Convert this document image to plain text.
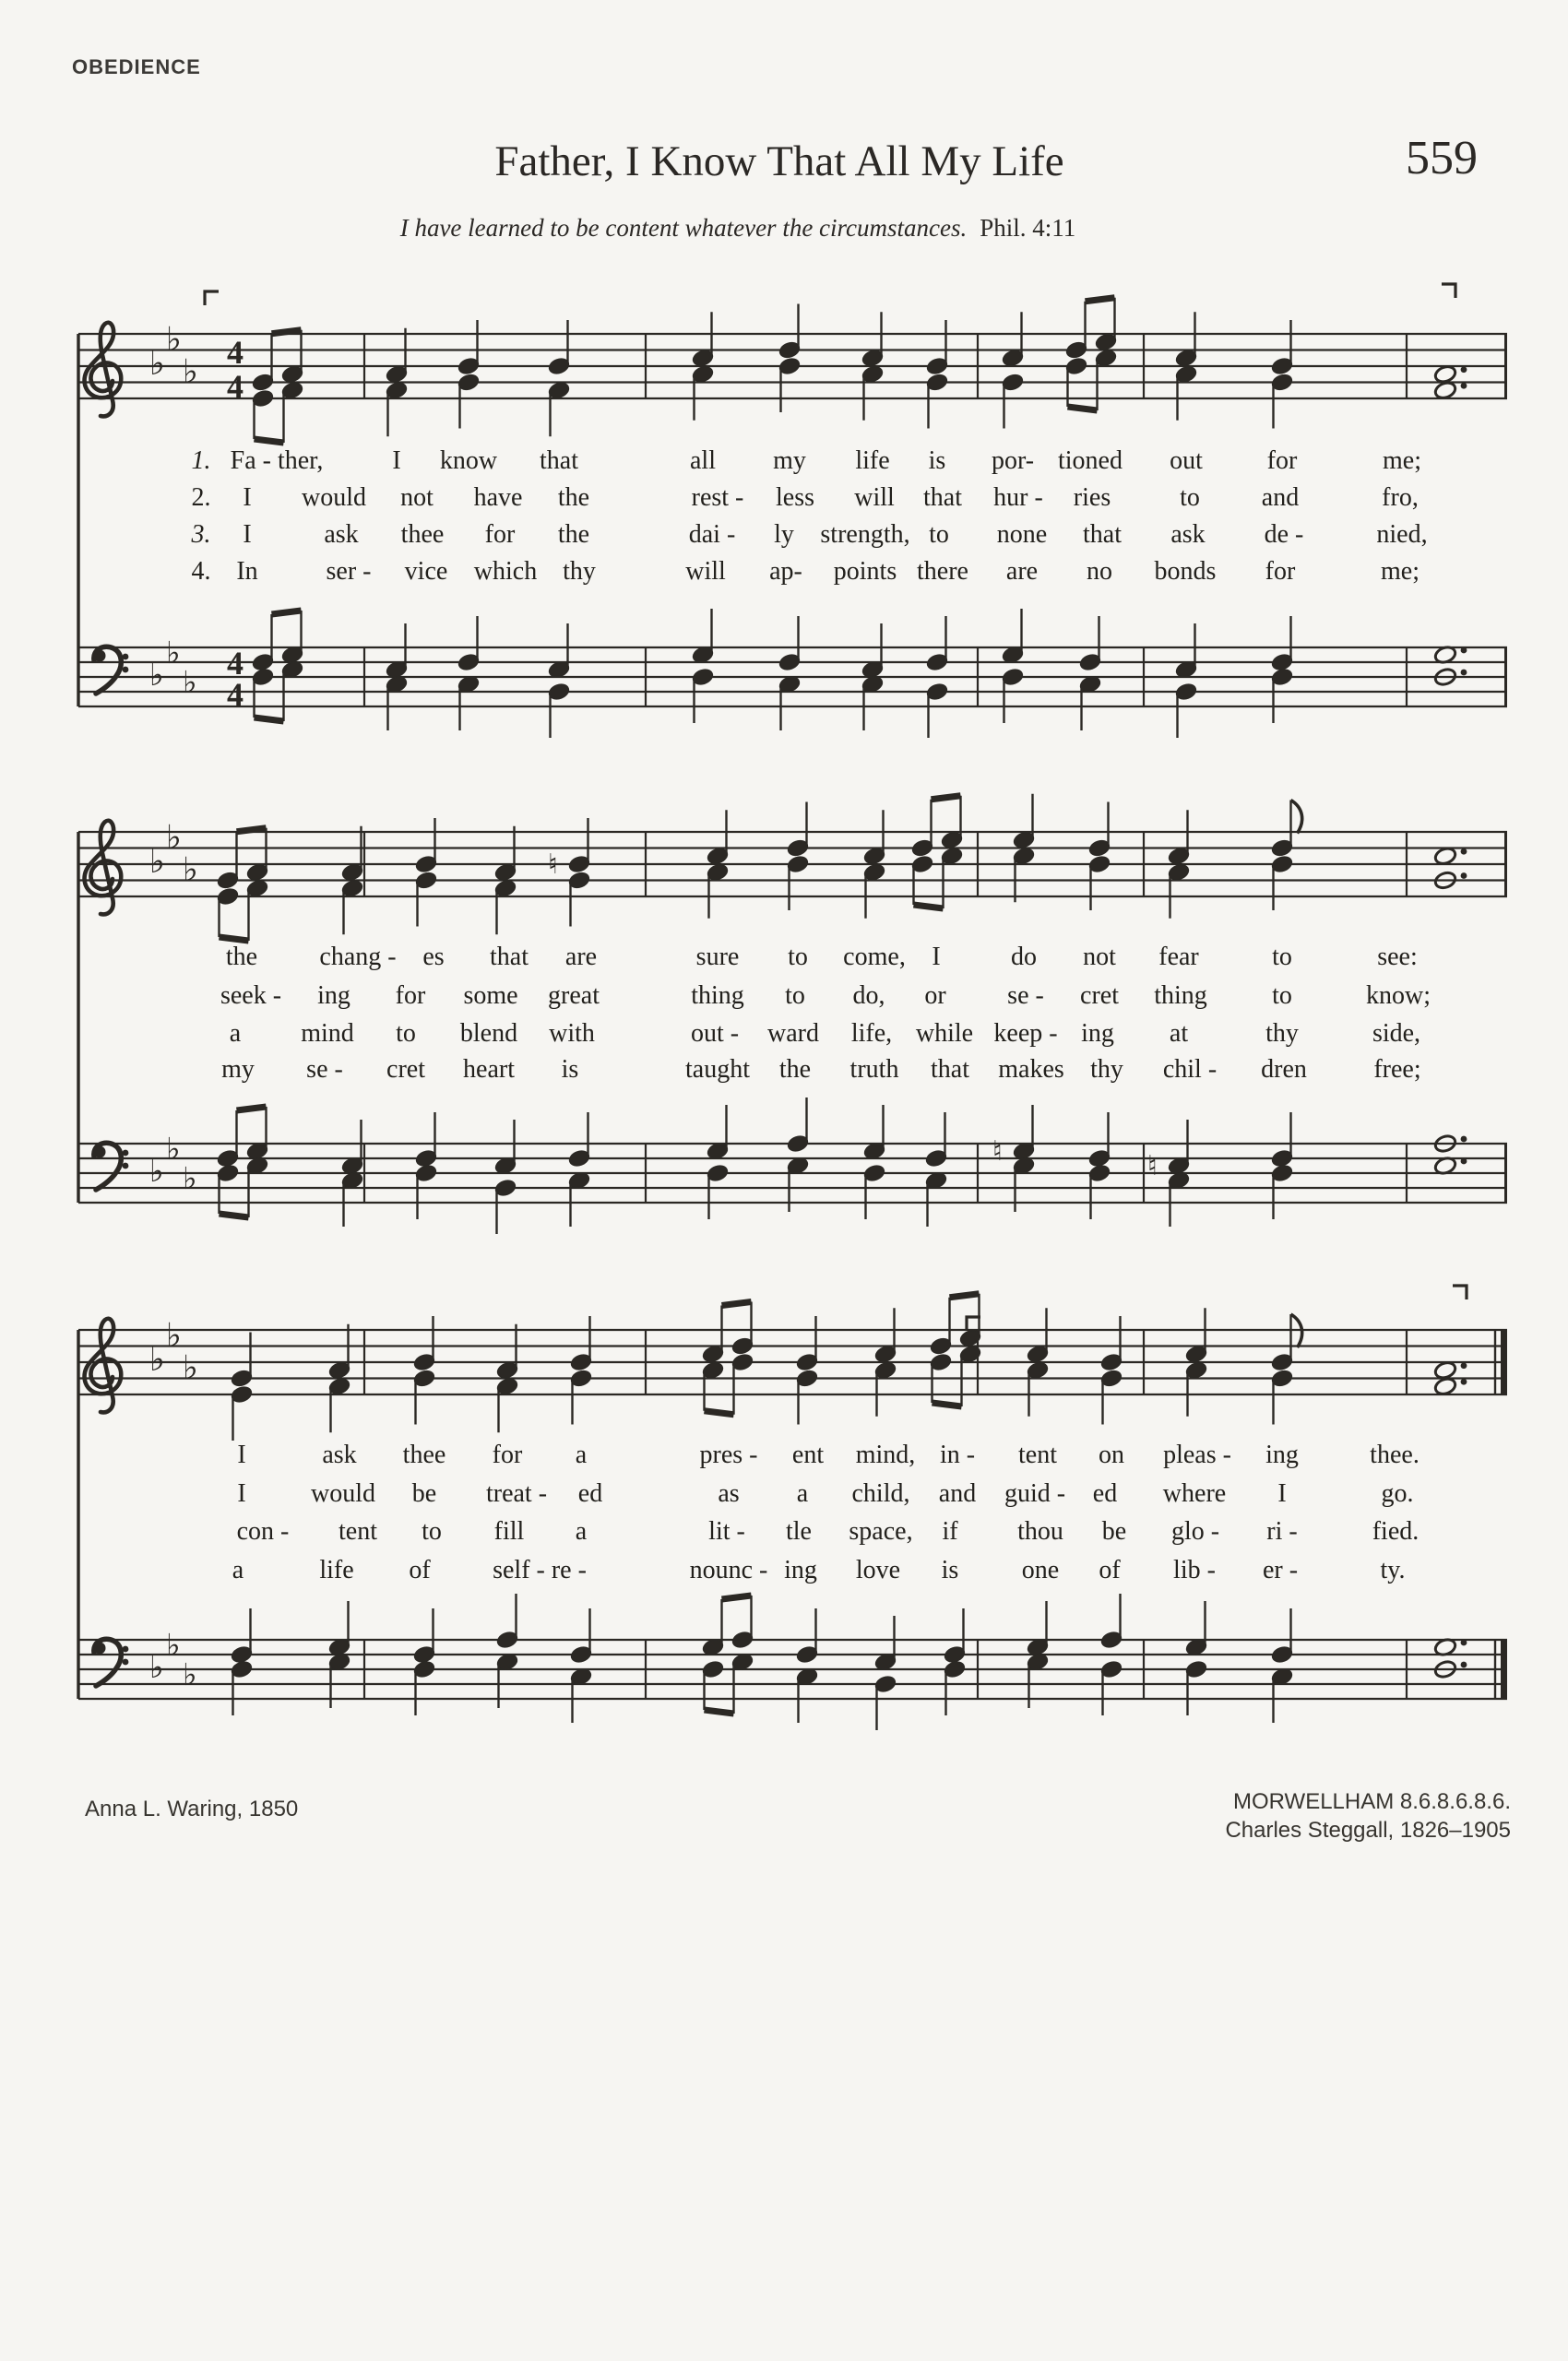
OBEDIENCE
Father, I Know That All My Life	559
I have learned to be content whatever the circumstances. Phil. 4:11
♭
♭
♭
♭
♭
♭
4
4
4
4
♭
♭
♭
♭
♭
♭
♮
♮	♮
♭
♭
♭
♭
♭
♭
1. Fa - ther,	I know that	all my life is por- tioned out for	me;
2. I would not have the	rest - less will that hur - ries	to and	fro,
3. I	ask thee for the	dai - ly strength, to none that ask de -	nied,
4. In	ser - vice which thy	will ap- points there are no bonds for	me;
the chang - es that are	sure to come, I	do not fear	to	see:
seek - ing for some great	thing to do, or se - cret thing	to	know;
a mind to blend with	out - ward life, while keep - ing at	thy	side,
my se - cret heart is	taught the truth that makes thy chil - dren	free;
I	ask thee for a	pres - ent mind, in - tent on pleas - ing	thee.
I	would be treat - ed	as a child, and guid - ed where I	go.
con - tent to fill a	lit - tle space, if thou be glo - ri -	fied.
a	life of self - re -	nounc - ing love is one of lib - er -	ty.
Anna L. Waring, 1850	MORWELLHAM 8.6.8.6.8.6.
Charles Steggall, 1826–1905
